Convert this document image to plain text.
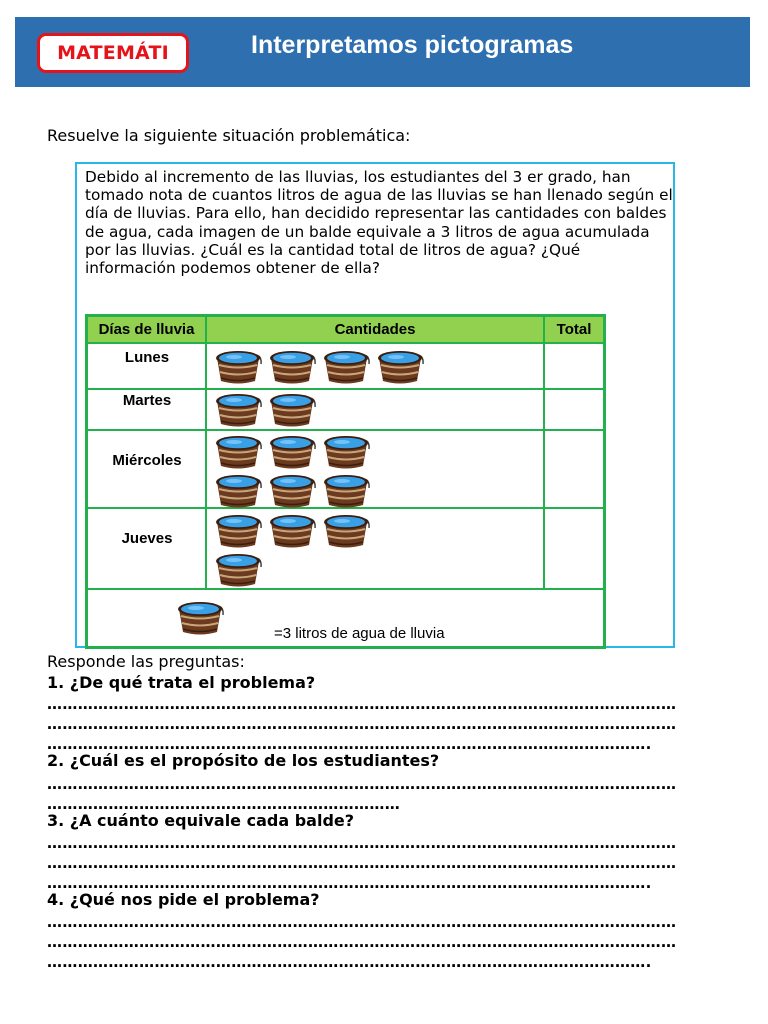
MATEMÁTI	Interpretamos pictogramas
Resuelve la siguiente situación problemática:
Debido al incremento de las lluvias, los estudiantes del 3 er grado, han tomado nota de cuantos litros de agua de las lluvias se han llenado según el día de lluvias. Para ello, han decidido representar las cantidades con baldes de agua, cada imagen de un balde equivale a 3 litros de agua acumulada por las lluvias. ¿Cuál es la cantidad total de litros de agua? ¿Qué información podemos obtener de ella?
Días de lluvia	Cantidades	Total
Lunes
Martes
Miércoles
Jueves
=3 litros de agua de lluvia
Responde las preguntas:
1. ¿De qué trata el problema?
……………………………………………………………………………………………………………
……………………………………………………………………………………………………………
……………………………………………………………………………………………………….
2. ¿Cuál es el propósito de los estudiantes?
……………………………………………………………………………………………………………
……………………………………………………………
3. ¿A cuánto equivale cada balde?
……………………………………………………………………………………………………………
……………………………………………………………………………………………………………
……………………………………………………………………………………………………….
4. ¿Qué nos pide el problema?
……………………………………………………………………………………………………………
……………………………………………………………………………………………………………
……………………………………………………………………………………………………….
